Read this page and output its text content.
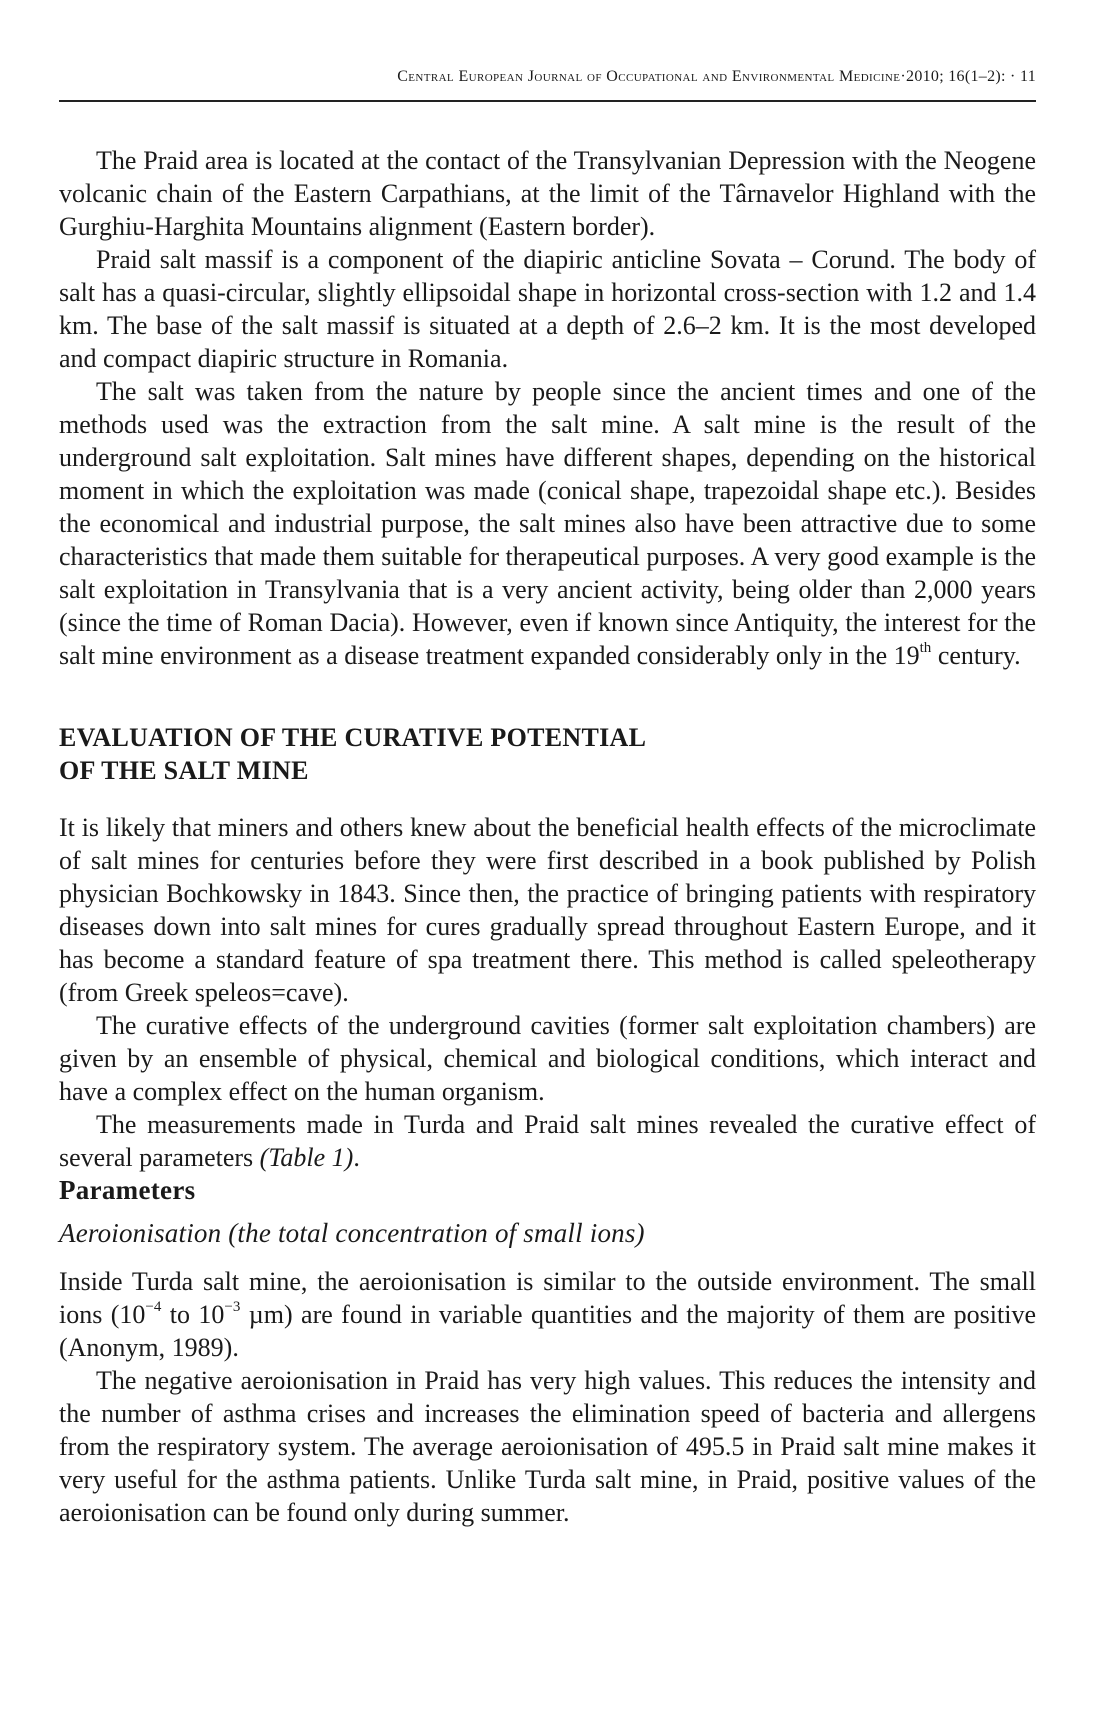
Central European Journal of Occupational and Environmental Medicine·2010; 16(1–2): · 11

The Praid area is located at the contact of the Transylvanian Depression with the Neogene volcanic chain of the Eastern Carpathians, at the limit of the Târnavelor Highland with the Gurghiu-Harghita Mountains alignment (Eastern border).

Praid salt massif is a component of the diapiric anticline Sovata – Corund. The body of salt has a quasi-circular, slightly ellipsoidal shape in horizontal cross-section with 1.2 and 1.4 km. The base of the salt massif is situated at a depth of 2.6–2 km. It is the most developed and compact diapiric structure in Romania.

The salt was taken from the nature by people since the ancient times and one of the methods used was the extraction from the salt mine. A salt mine is the result of the underground salt exploitation. Salt mines have different shapes, depending on the historical moment in which the exploitation was made (conical shape, trapezoidal shape etc.). Besides the economical and industrial purpose, the salt mines also have been attractive due to some characteristics that made them suitable for therapeutical purposes. A very good example is the salt exploitation in Transylvania that is a very ancient activity, being older than 2,000 years (since the time of Roman Dacia). However, even if known since Antiquity, the interest for the salt mine environment as a disease treatment expanded considerably only in the 19th century.

EVALUATION OF THE CURATIVE POTENTIAL

OF THE SALT MINE

It is likely that miners and others knew about the beneficial health effects of the microclimate of salt mines for centuries before they were first described in a book published by Polish physician Bochkowsky in 1843. Since then, the practice of bringing patients with respiratory diseases down into salt mines for cures gradually spread throughout Eastern Europe, and it has become a standard feature of spa treatment there. This method is called speleotherapy (from Greek speleos=cave).

The curative effects of the underground cavities (former salt exploitation chambers) are given by an ensemble of physical, chemical and biological conditions, which interact and have a complex effect on the human organism.

The measurements made in Turda and Praid salt mines revealed the curative effect of several parameters (Table 1).

Parameters

Aeroionisation (the total concentration of small ions)

Inside Turda salt mine, the aeroionisation is similar to the outside environment. The small ions ($10^{-4}$ to $10^{-3}$ µm) are found in variable quantities and the majority of them are positive (Anonym, 1989).

The negative aeroionisation in Praid has very high values. This reduces the intensity and the number of asthma crises and increases the elimination speed of bacteria and allergens from the respiratory system. The average aeroionisation of 495.5 in Praid salt mine makes it very useful for the asthma patients. Unlike Turda salt mine, in Praid, positive values of the aeroionisation can be found only during summer.
